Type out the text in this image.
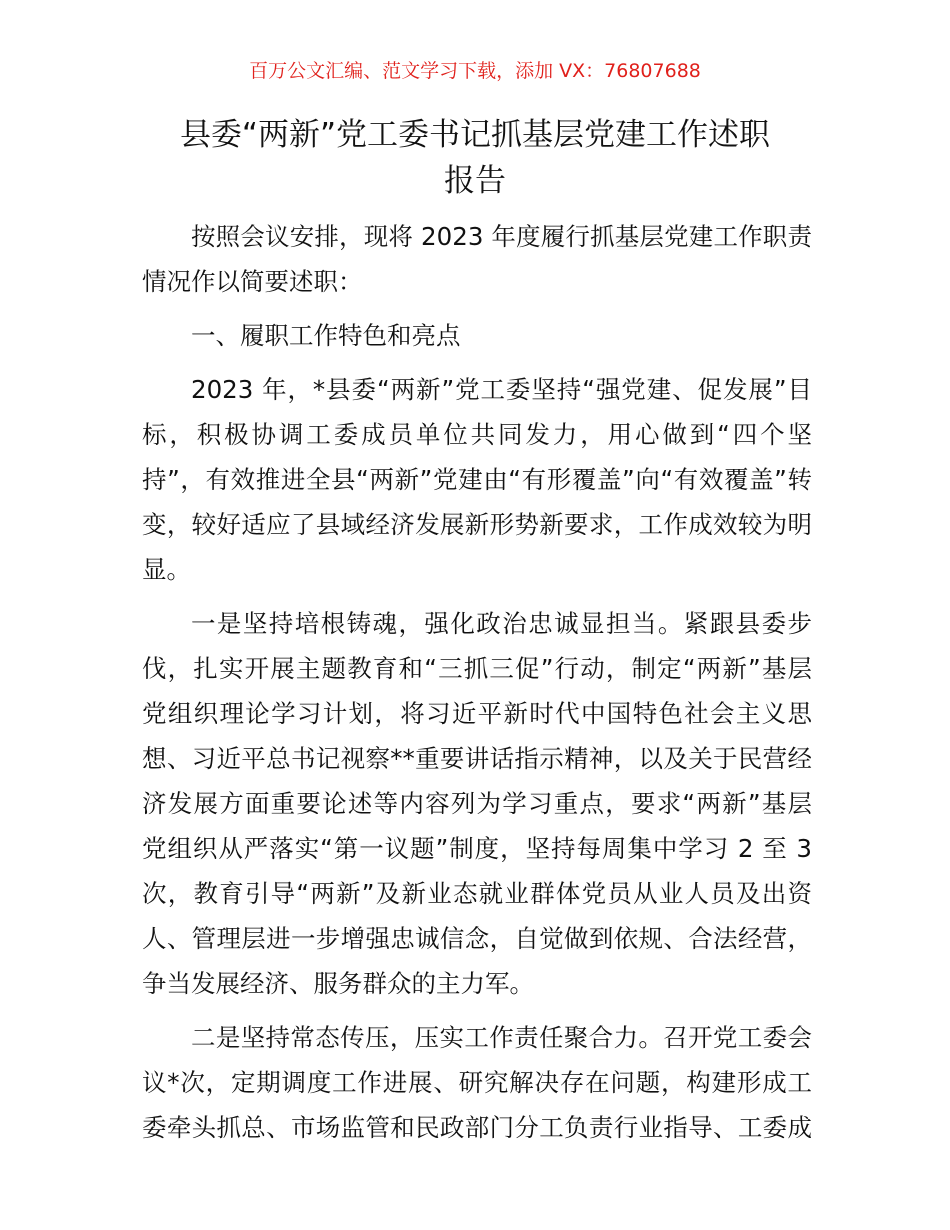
百万公文汇编、范文学习下载，添加 VX：76807688
县委“两新”党工委书记抓基层党建工作述职
报告
按照会议安排，现将 2023 年度履行抓基层党建工作职责
情况作以简要述职：
一、履职工作特色和亮点
2023 年，*县委“两新”党工委坚持“强党建、促发展”目
标，积极协调工委成员单位共同发力，用心做到“四个坚
持”，有效推进全县“两新”党建由“有形覆盖”向“有效覆盖”转
变，较好适应了县域经济发展新形势新要求，工作成效较为明
显。
一是坚持培根铸魂，强化政治忠诚显担当。紧跟县委步
伐，扎实开展主题教育和“三抓三促”行动，制定“两新”基层
党组织理论学习计划，将习近平新时代中国特色社会主义思
想、习近平总书记视察**重要讲话指示精神，以及关于民营经
济发展方面重要论述等内容列为学习重点，要求“两新”基层
党组织从严落实“第一议题”制度，坚持每周集中学习 2 至 3
次，教育引导“两新”及新业态就业群体党员从业人员及出资
人、管理层进一步增强忠诚信念，自觉做到依规、合法经营，
争当发展经济、服务群众的主力军。
二是坚持常态传压，压实工作责任聚合力。召开党工委会
议*次，定期调度工作进展、研究解决存在问题，构建形成工
委牵头抓总、市场监管和民政部门分工负责行业指导、工委成
